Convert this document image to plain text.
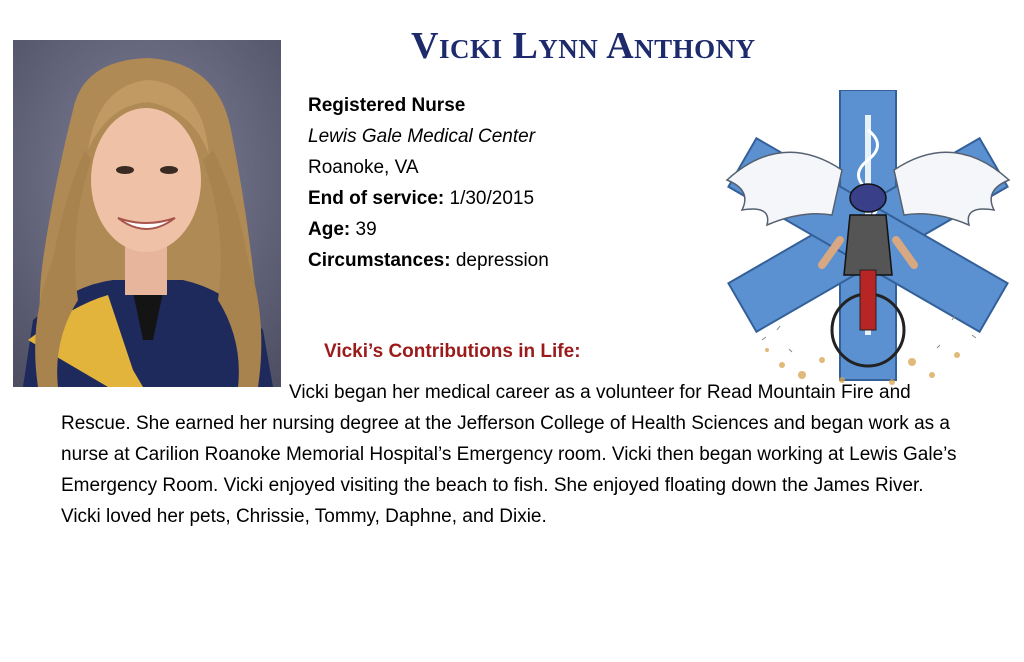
Vicki Lynn Anthony
Registered Nurse
Lewis Gale Medical Center
Roanoke, VA
End of service: 1/30/2015
Age: 39
Circumstances: depression
Vicki’s Contributions in Life:
Vicki began her medical career as a volunteer for Read Mountain Fire and Rescue. She earned her nursing degree at the Jefferson College of Health Sciences and began work as a nurse at Carilion Roanoke Memorial Hospital’s Emergency room. Vicki then began working at Lewis Gale’s Emergency Room. Vicki enjoyed visiting the beach to fish. She enjoyed floating down the James River. Vicki loved her pets, Chrissie, Tommy, Daphne, and Dixie.
